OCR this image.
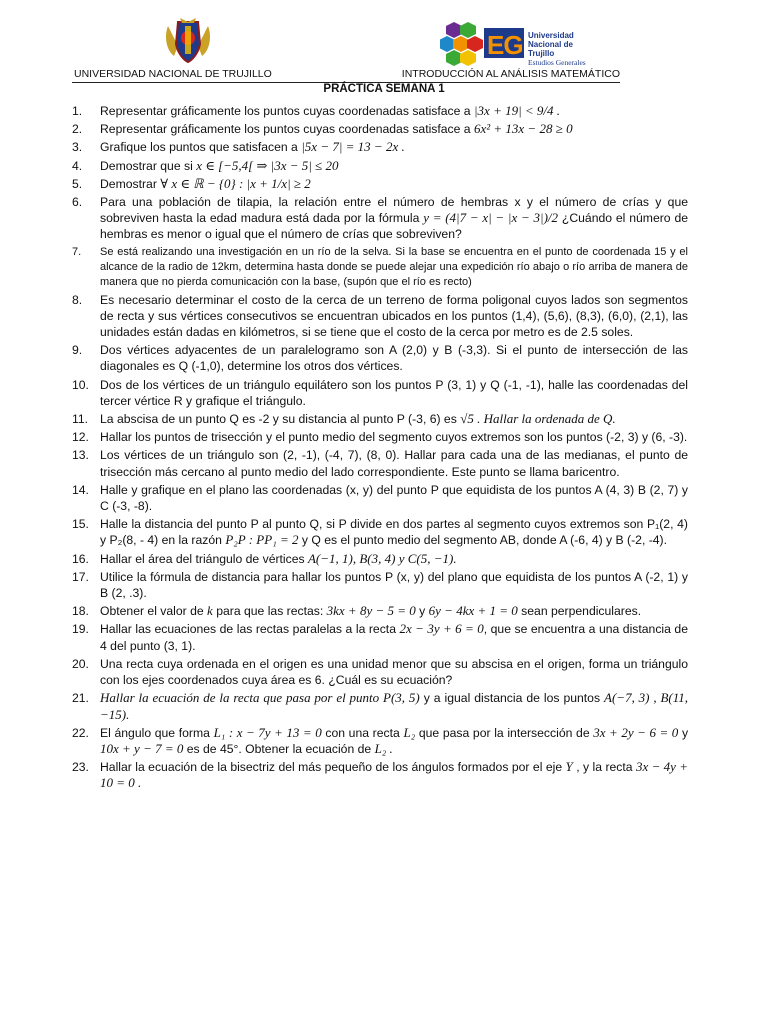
EG Universidad
Nacional de Trujillo
Estudios Generales
UNIVERSIDAD NACIONAL DE TRUJILLO	INTRODUCCIÓN AL ANÁLISIS MATEMÁTICO
PRÁCTICA SEMANA 1
1.	Representar gráficamente los puntos cuyas coordenadas satisface a |3x + 19| < 9/4 .
2.	Representar gráficamente los puntos cuyas coordenadas satisface a 6x² + 13x − 28 ≥ 0
3.	Grafique los puntos que satisfacen a |5x − 7| = 13 − 2x .
4.	Demostrar que si x ∈ [−5,4[ ⇒ |3x − 5| ≤ 20
5.	Demostrar ∀ x ∈ ℝ − {0} : |x + 1/x| ≥ 2
6.	Para una población de tilapia, la relación entre el número de hembras x y el número de crías y que sobreviven hasta la edad madura está dada por la fórmula y = (4|7 − x| − |x − 3|)/2 ¿Cuándo el número de hembras es menor o igual que el número de crías que sobreviven?
7.	Se está realizando una investigación en un río de la selva. Si la base se encuentra en el punto de coordenada 15 y el alcance de la radio de 12km, determina hasta donde se puede alejar una expedición río abajo o río arriba de manera de manera que no pierda comunicación con la base, (supón que el río es recto)
8.	Es necesario determinar el costo de la cerca de un terreno de forma poligonal cuyos lados son segmentos de recta y sus vértices consecutivos se encuentran ubicados en los puntos (1,4), (5,6), (8,3), (6,0), (2,1), las unidades están dadas en kilómetros, si se tiene que el costo de la cerca por metro es de 2.5 soles.
9.	Dos vértices adyacentes de un paralelogramo son A (2,0) y B (-3,3). Si el punto de intersección de las diagonales es Q (-1,0), determine los otros dos vértices.
10. Dos de los vértices de un triángulo equilátero son los puntos P (3, 1) y Q (-1, -1), halle las coordenadas del tercer vértice R y grafique el triángulo.
11. La abscisa de un punto Q es -2 y su distancia al punto P (-3, 6) es √5 . Hallar la ordenada de Q.
12. Hallar los puntos de trisección y el punto medio del segmento cuyos extremos son los puntos (-2, 3) y (6, -3).
13. Los vértices de un triángulo son (2, -1), (-4, 7), (8, 0). Hallar para cada una de las medianas, el punto de trisección más cercano al punto medio del lado correspondiente. Este punto se llama baricentro.
14. Halle y grafique en el plano las coordenadas (x, y) del punto P que equidista de los puntos A (4, 3) B (2, 7) y C (-3, -8).
15. Halle la distancia del punto P al punto Q, si P divide en dos partes al segmento cuyos extremos son P₁(2, 4) y P₂(8, - 4) en la razón P₂P : PP₁ = 2 y Q es el punto medio del segmento AB, donde A (-6, 4) y B (-2, -4).
16. Hallar el área del triángulo de vértices A(−1, 1), B(3, 4) y C(5, −1).
17. Utilice la fórmula de distancia para hallar los puntos P (x, y) del plano que equidista de los puntos A (-2, 1) y B (2, .3).
18. Obtener el valor de k para que las rectas: 3kx + 8y − 5 = 0 y 6y − 4kx + 1 = 0 sean perpendiculares.
19. Hallar las ecuaciones de las rectas paralelas a la recta 2x − 3y + 6 = 0, que se encuentra a una distancia de 4 del punto (3, 1).
20. Una recta cuya ordenada en el origen es una unidad menor que su abscisa en el origen, forma un triángulo con los ejes coordenados cuya área es 6. ¿Cuál es su ecuación?
21. Hallar la ecuación de la recta que pasa por el punto P(3, 5) y a igual distancia de los puntos A(−7, 3) , B(11, −15).
22. El ángulo que forma L₁ : x − 7y + 13 = 0 con una recta L₂ que pasa por la intersección de 3x + 2y − 6 = 0 y 10x + y − 7 = 0 es de 45°. Obtener la ecuación de L₂ .
23. Hallar la ecuación de la bisectriz del más pequeño de los ángulos formados por el eje Y , y la recta 3x − 4y + 10 = 0 .
